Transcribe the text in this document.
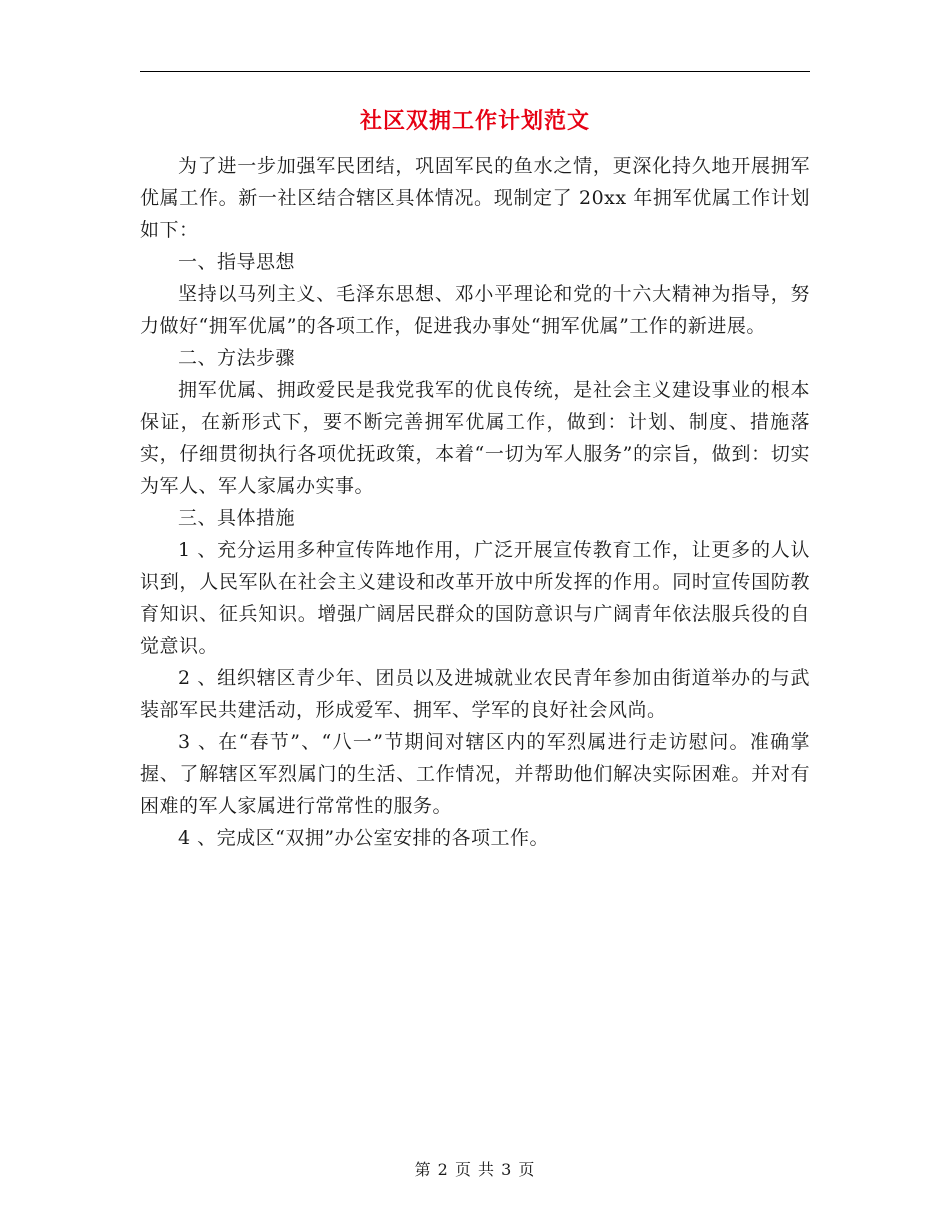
社区双拥工作计划范文

为了进一步加强军民团结，巩固军民的鱼水之情，更深化持久地开展拥军优属工作。新一社区结合辖区具体情况。现制定了 20xx 年拥军优属工作计划如下：

一、指导思想

坚持以马列主义、毛泽东思想、邓小平理论和党的十六大精神为指导，努力做好“拥军优属”的各项工作，促进我办事处“拥军优属”工作的新进展。

二、方法步骤

拥军优属、拥政爱民是我党我军的优良传统，是社会主义建设事业的根本保证，在新形式下，要不断完善拥军优属工作，做到：计划、制度、措施落实，仔细贯彻执行各项优抚政策，本着“一切为军人服务”的宗旨，做到：切实为军人、军人家属办实事。

三、具体措施

1 、充分运用多种宣传阵地作用，广泛开展宣传教育工作，让更多的人认识到，人民军队在社会主义建设和改革开放中所发挥的作用。同时宣传国防教育知识、征兵知识。增强广阔居民群众的国防意识与广阔青年依法服兵役的自觉意识。

2 、组织辖区青少年、团员以及进城就业农民青年参加由街道举办的与武装部军民共建活动，形成爱军、拥军、学军的良好社会风尚。

3 、在“春节”、“八一”节期间对辖区内的军烈属进行走访慰问。准确掌握、了解辖区军烈属门的生活、工作情况，并帮助他们解决实际困难。并对有困难的军人家属进行常常性的服务。

4 、完成区“双拥”办公室安排的各项工作。

第 2 页 共 3 页
